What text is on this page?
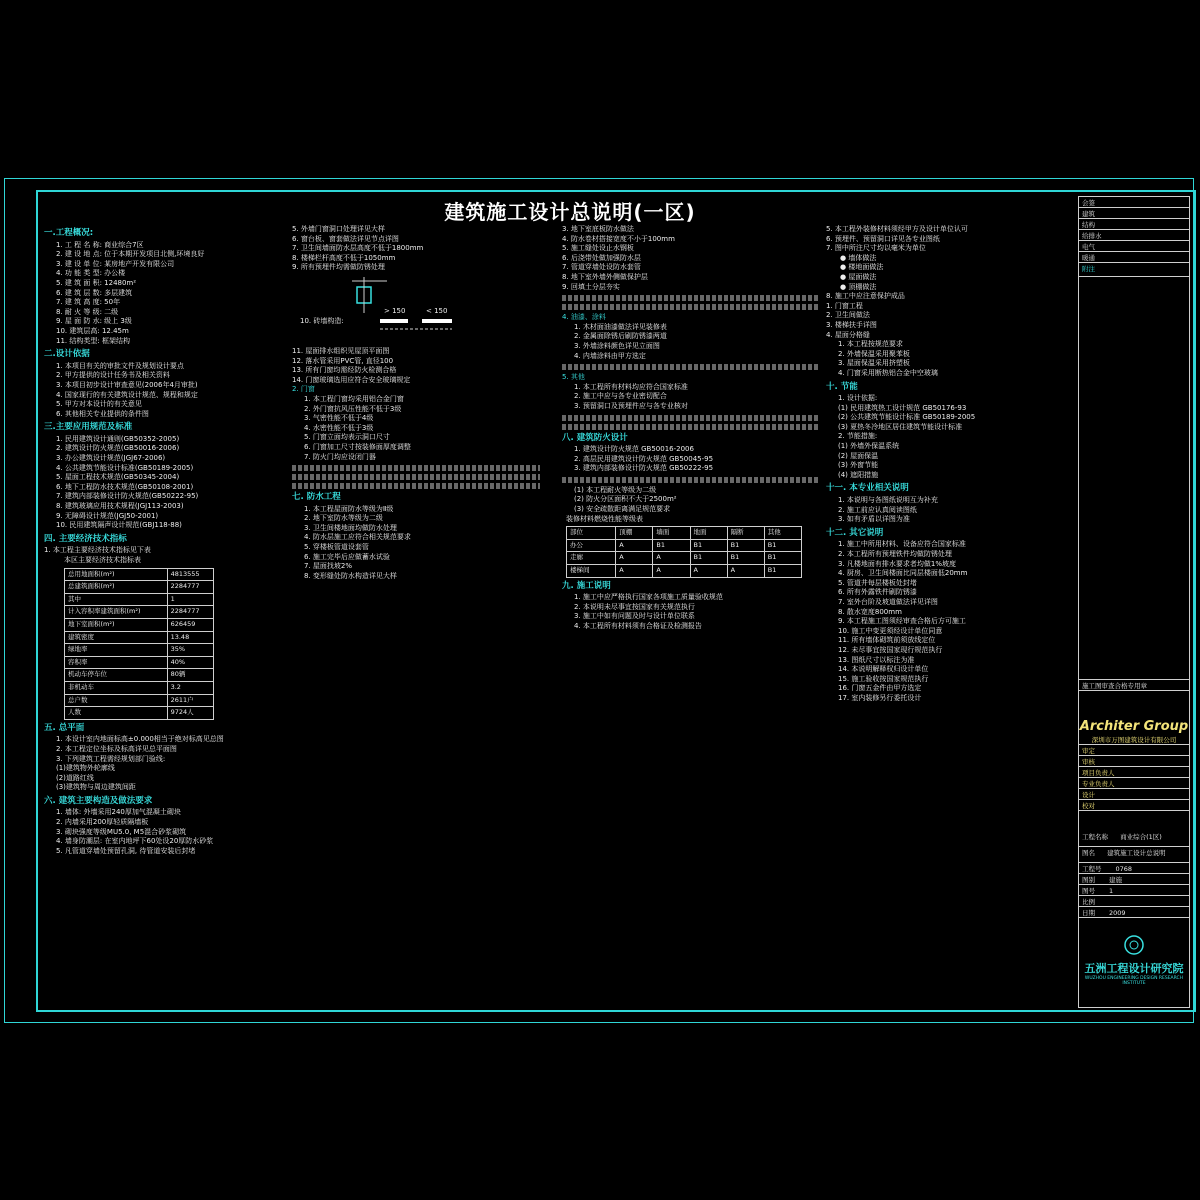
建筑施工设计总说明(一区)
一.工程概况:
1. 工 程 名 称: 商业综合7区
2. 建 设 地 点: 位于本期开发项目北侧,环境良好
3. 建 设 单 位: 某房地产开发有限公司
4. 功 能 类 型: 办公楼
5. 建 筑 面 积: 12480m²
6. 建 筑 层 数: 多层建筑
7. 建 筑 高 度: 50年
8. 耐 火 等 级: 二级
9. 屋 面 防 水: 级上 3级
10. 建筑层高: 12.45m
11. 结构类型: 框架结构
二.设计依据
1. 本项目有关的审批文件及规划设计要点
2. 甲方提供的设计任务书及相关资料
3. 本项目初步设计审查意见(2006年4月审批)
4. 国家现行的有关建筑设计规范、规程和规定
5. 甲方对本设计的有关意见
6. 其他相关专业提供的条件图
三.主要应用规范及标准
1. 民用建筑设计通则(GB50352-2005)
2. 建筑设计防火规范(GB50016-2006)
3. 办公建筑设计规范(JGJ67-2006)
4. 公共建筑节能设计标准(GB50189-2005)
5. 屋面工程技术规范(GB50345-2004)
6. 地下工程防水技术规范(GB50108-2001)
7. 建筑内部装修设计防火规范(GB50222-95)
8. 建筑玻璃应用技术规程(JGJ113-2003)
9. 无障碍设计规范(JGJ50-2001)
10. 民用建筑隔声设计规范(GBJ118-88)
四. 主要经济技术指标
1. 本工程主要经济技术指标见下表
本区主要经济技术指标表
总用地面积(m²)	4813555
总建筑面积(m²)	2284777
其中	1
计入容积率建筑面积(m²)	2284777
地下室面积(m²)	626459
建筑密度	13.48
绿地率	35%
容积率	40%
机动车停车位	80辆
非机动车	3.2
总户数	2611户
人数	9724人
五. 总平面
1. 本设计室内地面标高±0.000相当于绝对标高见总图
2. 本工程定位坐标及标高详见总平面图
3. 下列建筑工程需经规划部门验线:
(1)建筑物外轮廓线
(2)道路红线
(3)建筑物与周边建筑间距
六. 建筑主要构造及做法要求
1. 墙体: 外墙采用240厚加气混凝土砌块
2. 内墙采用200厚轻质隔墙板
3. 砌块强度等级MU5.0, M5混合砂浆砌筑
4. 墙身防潮层: 在室内地坪下60处设20厚防水砂浆
5. 凡管道穿墙处预留孔洞, 待管道安装后封堵
5. 外墙门窗洞口处理详见大样
6. 窗台板、窗套做法详见节点详图
7. 卫生间墙面防水层高度不低于1800mm
8. 楼梯栏杆高度不低于1050mm
9. 所有预埋件均需做防锈处理
10. 砖墙构造:
> 150	< 150
11. 屋面排水组织见屋顶平面图
12. 落水管采用PVC管, 直径100
13. 所有门窗均需经防火检测合格
14. 门窗玻璃选用应符合安全玻璃规定
2. 门窗
1. 本工程门窗均采用铝合金门窗
2. 外门窗抗风压性能不低于3级
3. 气密性能不低于4级
4. 水密性能不低于3级
5. 门窗立面均表示洞口尺寸
6. 门窗加工尺寸按装修面厚度调整
7. 防火门均应设闭门器
七. 防水工程
1. 本工程屋面防水等级为Ⅱ级
2. 地下室防水等级为二级
3. 卫生间楼地面均做防水处理
4. 防水层施工应符合相关规范要求
5. 穿楼板管道设套管
6. 施工完毕后应做蓄水试验
7. 屋面找坡2%
8. 变形缝处防水构造详见大样
3. 地下室底板防水做法
4. 防水卷材搭接宽度不小于100mm
5. 施工缝处设止水钢板
6. 后浇带处做加强防水层
7. 管道穿墙处设防水套管
8. 地下室外墙外侧做保护层
9. 回填土分层夯实
4. 油漆、涂料
1. 木材面油漆做法详见装修表
2. 金属面除锈后刷防锈漆两道
3. 外墙涂料颜色详见立面图
4. 内墙涂料由甲方选定
5. 其他
1. 本工程所有材料均应符合国家标准
2. 施工中应与各专业密切配合
3. 预留洞口及预埋件应与各专业核对
八. 建筑防火设计
1. 建筑设计防火规范 GB50016-2006
2. 高层民用建筑设计防火规范 GB50045-95
3. 建筑内部装修设计防火规范 GB50222-95
(1) 本工程耐火等级为二级
(2) 防火分区面积不大于2500m²
(3) 安全疏散距离满足规范要求
装修材料燃烧性能等级表
部位	顶棚	墙面	地面	隔断	其他
办公	A	B1	B1	B1	B1
走廊	A	A	B1	B1	B1
楼梯间	A	A	A	A	B1
九. 施工说明
1. 施工中应严格执行国家各项施工质量验收规范
2. 本说明未尽事宜按国家有关规范执行
3. 施工中如有问题及时与设计单位联系
4. 本工程所有材料须有合格证及检测报告
5. 本工程外装修材料须经甲方及设计单位认可
6. 预埋件、预留洞口详见各专业图纸
7. 图中所注尺寸均以毫米为单位
● 墙体做法
● 楼地面做法
● 屋面做法
● 顶棚做法
8. 施工中应注意保护成品
1. 门窗工程
2. 卫生间做法
3. 楼梯扶手详图
4. 屋面分格缝
1. 本工程按规范要求
2. 外墙保温采用聚苯板
3. 屋面保温采用挤塑板
4. 门窗采用断热铝合金中空玻璃
十. 节能
1. 设计依据:
(1) 民用建筑热工设计规范 GB50176-93
(2) 公共建筑节能设计标准 GB50189-2005
(3) 夏热冬冷地区居住建筑节能设计标准
2. 节能措施:
(1) 外墙外保温系统
(2) 屋面保温
(3) 外窗节能
(4) 遮阳措施
十一. 本专业相关说明
1. 本说明与各图纸说明互为补充
2. 施工前应认真阅读图纸
3. 如有矛盾以详图为准
十二. 其它说明
1. 施工中所用材料、设备应符合国家标准
2. 本工程所有预埋铁件均做防锈处理
3. 凡楼地面有排水要求者均做1%坡度
4. 厨房、卫生间楼面比同层楼面低20mm
5. 管道井每层楼板处封堵
6. 所有外露铁件刷防锈漆
7. 室外台阶及坡道做法详见详图
8. 散水宽度800mm
9. 本工程施工图须经审查合格后方可施工
10. 施工中变更须经设计单位同意
11. 所有墙体砌筑前须放线定位
12. 未尽事宜按国家现行规范执行
13. 图纸尺寸以标注为准
14. 本说明解释权归设计单位
15. 施工验收按国家规范执行
16. 门窗五金件由甲方选定
17. 室内装修另行委托设计
会签
建筑
结构
给排水
电气
暖通
附注
施工图审查合格专用章
Architer Group
深圳市万图建筑设计有限公司
审定
审核
项目负责人
专业负责人
设计
校对
工程名称 商业综合(1区)
图名 建筑施工设计总说明
工程号 0768
图别 建施
图号 1
比例
日期 2009
五洲工程设计研究院
WUZHOU ENGINEERING DESIGN RESEARCH INSTITUTE
